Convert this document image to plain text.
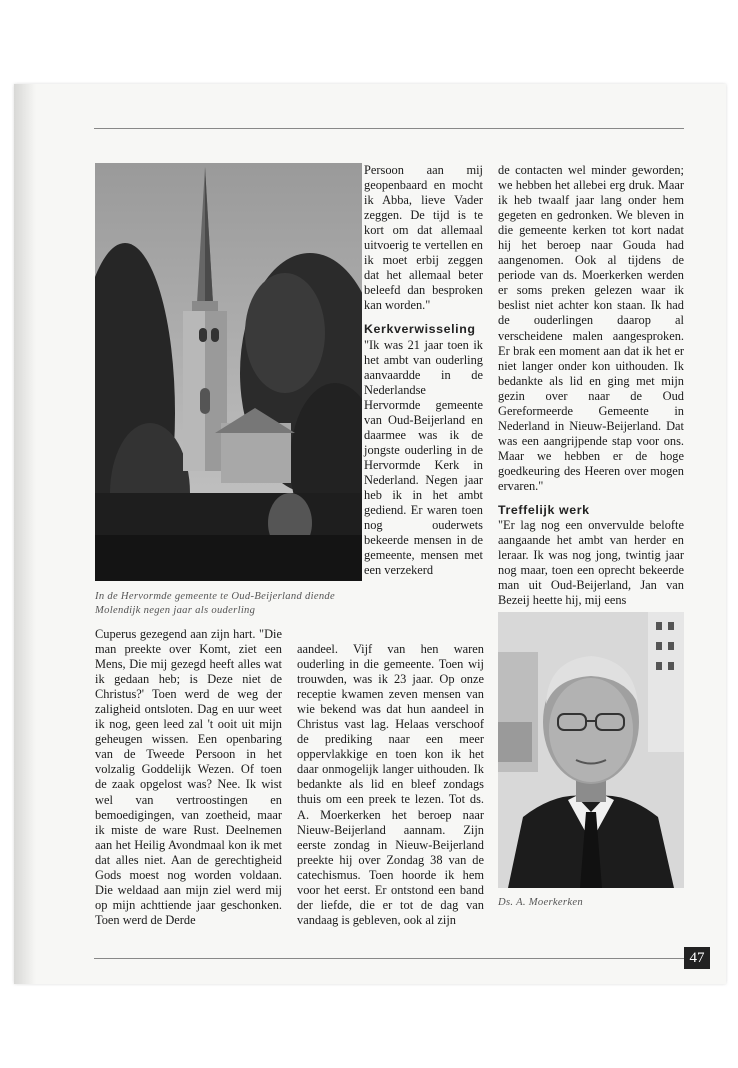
In de Hervormde gemeente te Oud-Beijerland diende Molendijk negen jaar als ouderling

Persoon aan mij geopenbaard en mocht ik Abba, lieve Vader zeggen. De tijd is te kort om dat allemaal uitvoerig te vertellen en ik moet erbij zeggen dat het allemaal beter beleefd dan besproken kan worden."

Kerkverwisseling

"Ik was 21 jaar toen ik het ambt van ouderling aanvaardde in de Nederlandse Hervormde gemeente van Oud-Beijerland en daarmee was ik de jongste ouderling in de Hervormde Kerk in Nederland. Negen jaar heb ik in het ambt gediend. Er waren toen nog ouderwets bekeerde mensen in de gemeente, mensen met een verzekerd

Cuperus gezegend aan zijn hart. "Die man preekte over Komt, ziet een Mens, Die mij gezegd heeft alles wat ik gedaan heb; is Deze niet de Christus?' Toen werd de weg der zaligheid ontsloten. Dag en uur weet ik nog, geen leed zal 't ooit uit mijn geheugen wissen. Een openbaring van de Tweede Persoon in het volzalig Goddelijk Wezen. Of toen de zaak opgelost was? Nee. Ik wist wel van vertroostingen en bemoedigingen, van zoetheid, maar ik miste de ware Rust. Deelnemen aan het Heilig Avondmaal kon ik met dat alles niet. Aan de gerechtigheid Gods moest nog worden voldaan. Die weldaad aan mijn ziel werd mij op mijn achttiende jaar geschonken. Toen werd de Derde

aandeel. Vijf van hen waren ouderling in die gemeente. Toen wij trouwden, was ik 23 jaar. Op onze receptie kwamen zeven mensen van wie bekend was dat hun aandeel in Christus vast lag. Helaas verschoof de prediking naar een meer oppervlakkige en toen kon ik het daar onmogelijk langer uithouden. Ik bedankte als lid en bleef zondags thuis om een preek te lezen. Tot ds. A. Moerkerken het beroep naar Nieuw-Beijerland aannam. Zijn eerste zondag in Nieuw-Beijerland preekte hij over Zondag 38 van de catechismus. Toen hoorde ik hem voor het eerst. Er ontstond een band der liefde, die er tot de dag van vandaag is gebleven, ook al zijn

de contacten wel minder geworden; we hebben het allebei erg druk. Maar ik heb twaalf jaar lang onder hem gegeten en gedronken. We bleven in die gemeente kerken tot kort nadat hij het beroep naar Gouda had aangenomen. Ook al tijdens de periode van ds. Moerkerken werden er soms preken gelezen waar ik beslist niet achter kon staan. Ik had de ouderlingen daarop al verscheidene malen aangesproken. Er brak een moment aan dat ik het er niet langer onder kon uithouden. Ik bedankte als lid en ging met mijn gezin over naar de Oud Gereformeerde Gemeente in Nederland in Nieuw-Beijerland. Dat was een aangrijpende stap voor ons. Maar we hebben er de hoge goedkeuring des Heeren over mogen ervaren."

Treffelijk werk

"Er lag nog een onvervulde belofte aangaande het ambt van herder en leraar. Ik was nog jong, twintig jaar nog maar, toen een oprecht bekeerde man uit Oud-Beijerland, Jan van Bezeij heette hij, mij eens

Ds. A. Moerkerken
47
